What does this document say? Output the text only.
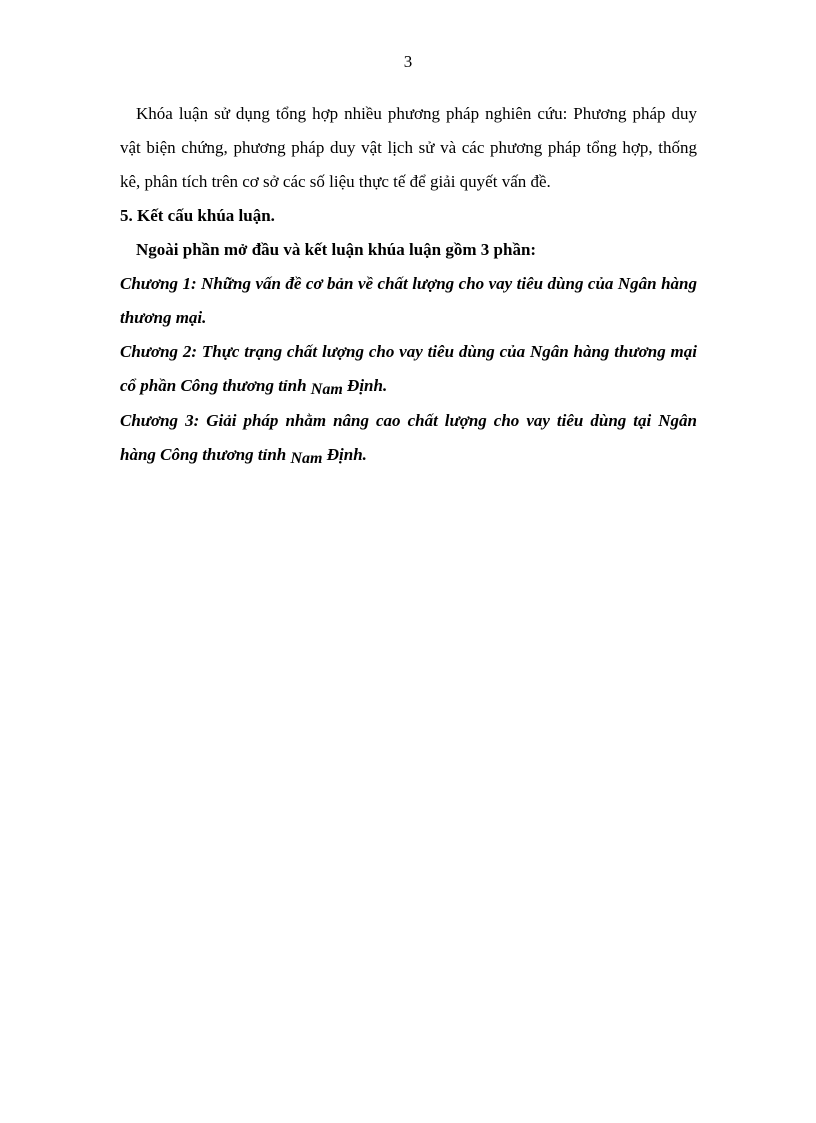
3

Khóa luận sử dụng tổng hợp nhiều phương pháp nghiên cứu: Phương pháp duy vật biện chứng, phương pháp duy vật lịch sử và các phương pháp tổng hợp, thống kê, phân tích trên cơ sở các số liệu thực tế để giải quyết vấn đề.

5. Kết cấu khúa luận.

Ngoài phần mở đầu và kết luận khúa luận gồm 3 phần:

Chương 1: Những vấn đề cơ bản về chất lượng cho vay tiêu dùng của Ngân hàng thương mại.

Chương 2: Thực trạng chất lượng cho vay tiêu dùng của Ngân hàng thương mại cổ phần Công thương tỉnh Nam Định.

Chương 3: Giải pháp nhằm nâng cao chất lượng cho vay tiêu dùng tại Ngân hàng Công thương tỉnh Nam Định.
